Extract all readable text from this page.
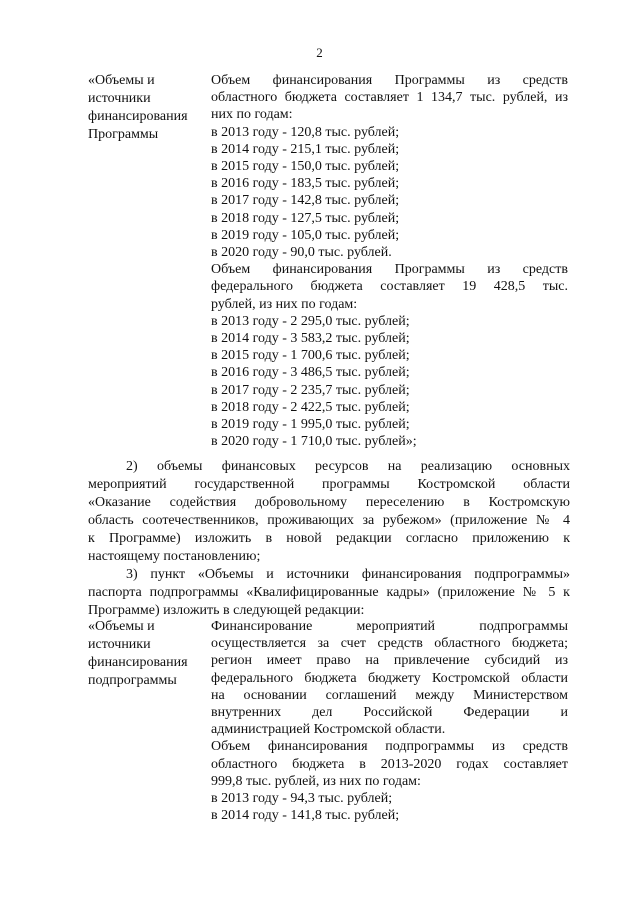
2
«Объемы и
источники
финансирования
Программы
Объем финансирования Программы из средств
областного бюджета составляет 1 134,7 тыс. рублей, из
них по годам:
в 2013 году - 120,8 тыс. рублей;
в 2014 году - 215,1 тыс. рублей;
в 2015 году - 150,0 тыс. рублей;
в 2016 году - 183,5 тыс. рублей;
в 2017 году - 142,8 тыс. рублей;
в 2018 году - 127,5 тыс. рублей;
в 2019 году - 105,0 тыс. рублей;
в 2020 году - 90,0 тыс. рублей.
Объем финансирования Программы из средств
федерального бюджета составляет 19 428,5 тыс.
рублей, из них по годам:
в 2013 году - 2 295,0 тыс. рублей;
в 2014 году - 3 583,2 тыс. рублей;
в 2015 году - 1 700,6 тыс. рублей;
в 2016 году - 3 486,5 тыс. рублей;
в 2017 году - 2 235,7 тыс. рублей;
в 2018 году - 2 422,5 тыс. рублей;
в 2019 году - 1 995,0 тыс. рублей;
в 2020 году - 1 710,0 тыс. рублей»;
2) объемы финансовых ресурсов на реализацию основных
мероприятий государственной программы Костромской области
«Оказание содействия добровольному переселению в Костромскую
область соотечественников, проживающих за рубежом» (приложение № 4
к Программе) изложить в новой редакции согласно приложению к
настоящему постановлению;
3) пункт «Объемы и источники финансирования подпрограммы»
паспорта подпрограммы «Квалифицированные кадры» (приложение № 5 к
Программе) изложить в следующей редакции:
«Объемы и
источники
финансирования
подпрограммы
Финансирование мероприятий подпрограммы
осуществляется за счет средств областного бюджета;
регион имеет право на привлечение субсидий из
федерального бюджета бюджету Костромской области
на основании соглашений между Министерством
внутренних дел Российской Федерации и
администрацией Костромской области.
Объем финансирования подпрограммы из средств
областного бюджета в 2013-2020 годах составляет
999,8 тыс. рублей, из них по годам:
в 2013 году - 94,3 тыс. рублей;
в 2014 году - 141,8 тыс. рублей;
